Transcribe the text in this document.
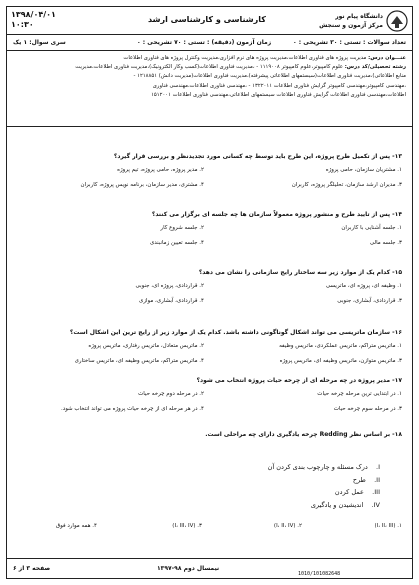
۱۳۹۸/۰۴/۰۱
۱۰:۳۰
کارشناسی و کارشناسی ارشد	دانشگاه پیام نور
مرکز آزمون و سنجش
سری سوال: ۱ یک	زمان آزمون (دقیقه) : تستی : ۷۰ تشریحی : ۰	تعداد سوالات : تستی : ۳۰ تشریحی : ۰
عنـــوان درس: مدیریت پروژه های فناوری اطلاعات،مدیریت پروژه های نرم افزاری،مدیریت وکنترل پروژه های فناوری اطلاعات
رشته تحصیلی/کد درس: علوم کامپیوتر،علوم کامپیوتر ۱۱۱۹۰۰۸ - ،مدیریت فناوری اطلاعات(کسب وکار الکترونیک)،مدیریت فناوری اطلاعات،مدیریت
منابع اطلاعاتی)،مدیریت فناوری اطلاعات(سیستمهای اطلاعاتی پیشرفته)،مدیریت فناوری اطلاعات(مدیریت دانش) ۱۲۱۸۸۵۱ -
،مهندسی کامپیوتر،مهندسی کامپیوتر گرایش فناوری اطلاعات ۱۳۲۲۰۱۱ - ،مهندسی فناوری اطلاعات،مهندسی فناوری
اطلاعات،مهندسی فناوری اطلاعات گرایش فناوری اطلاعات سیستمهای اطلاعاتی،مهندسی فناوری اطلاعات ۱۵۱۲۰۰۱
۱۳- پس از تکمیل طرح پروژه، این طرح باید توسط چه کسانی مورد تجدیدنظر و بررسی قرار گیرد؟
۱. مشتریان سازمان، حامی پروژه
۲. مدیر پروژه، حامی پروژه، تیم پروژه
۳. مدیران ارشد سازمان، تحلیلگر پروژه، کاربران
۴. مشتری، مدیر سازمان، برنامه نویس پروژه، کاربران
۱۴- پس از تایید طرح و منشور پروژه معمولاً سازمان ها چه جلسه ای برگزار می کنند؟
۱. جلسه آشنایی با کاربران
۲. جلسه شروع کار
۳. جلسه مالی
۴. جلسه تعیین زمانبندی
۱۵- کدام یک از موارد زیر سه ساختار رایج سازمانی را نشان می دهد؟
۱. وظیفه ای، پروژه ای، ماتریسی
۲. قراردادی، پروژه ای، جنوبی
۳. قراردادی، آبشاری، جنوبی
۴. قراردادی، آبشاری، موازی
۱۶- سازمان ماتریسی می تواند اشکال گوناگونی داشته باشد. کدام یک از موارد زیر از رایج ترین این اشکال است؟
۱. ماتریس متراکم، ماتریس عملکردی، ماتریس وظیفه
۲. ماتریس متعادل، ماتریس رفتاری، ماتریس پروژه
۳. ماتریس متوازن، ماتریس وظیفه ای، ماتریس پروژه
۴. ماتریس متراکم، ماتریس وظیفه ای، ماتریس ساختاری
۱۷- مدیر پروژه در چه مرحله ای از چرخه حیات پروژه انتخاب می شود؟
۱. در ابتدایی ترین مرحله چرخه حیات
۲. در مرحله دوم چرخه حیات
۳. در مرحله سوم چرخه حیات
۴. در هر مرحله ای از چرخه حیات پروژه می تواند انتخاب شود.
۱۸- بر اساس نظر Redding چرخه یادگیری دارای چه مراحلی است.
I.    درک مسئله و چارچوب بندی کردن آن
II.    طرح
III.    عمل کردن
IV.    اندیشیدن و یادگیری
۱. (I، II، III)
۲. (I، II، IV)
۳. (I، III، IV)
۴. همه موارد فوق
صفحه ۳ از ۶	نیمسال دوم ۹۸-۱۳۹۷
1010/101082648
